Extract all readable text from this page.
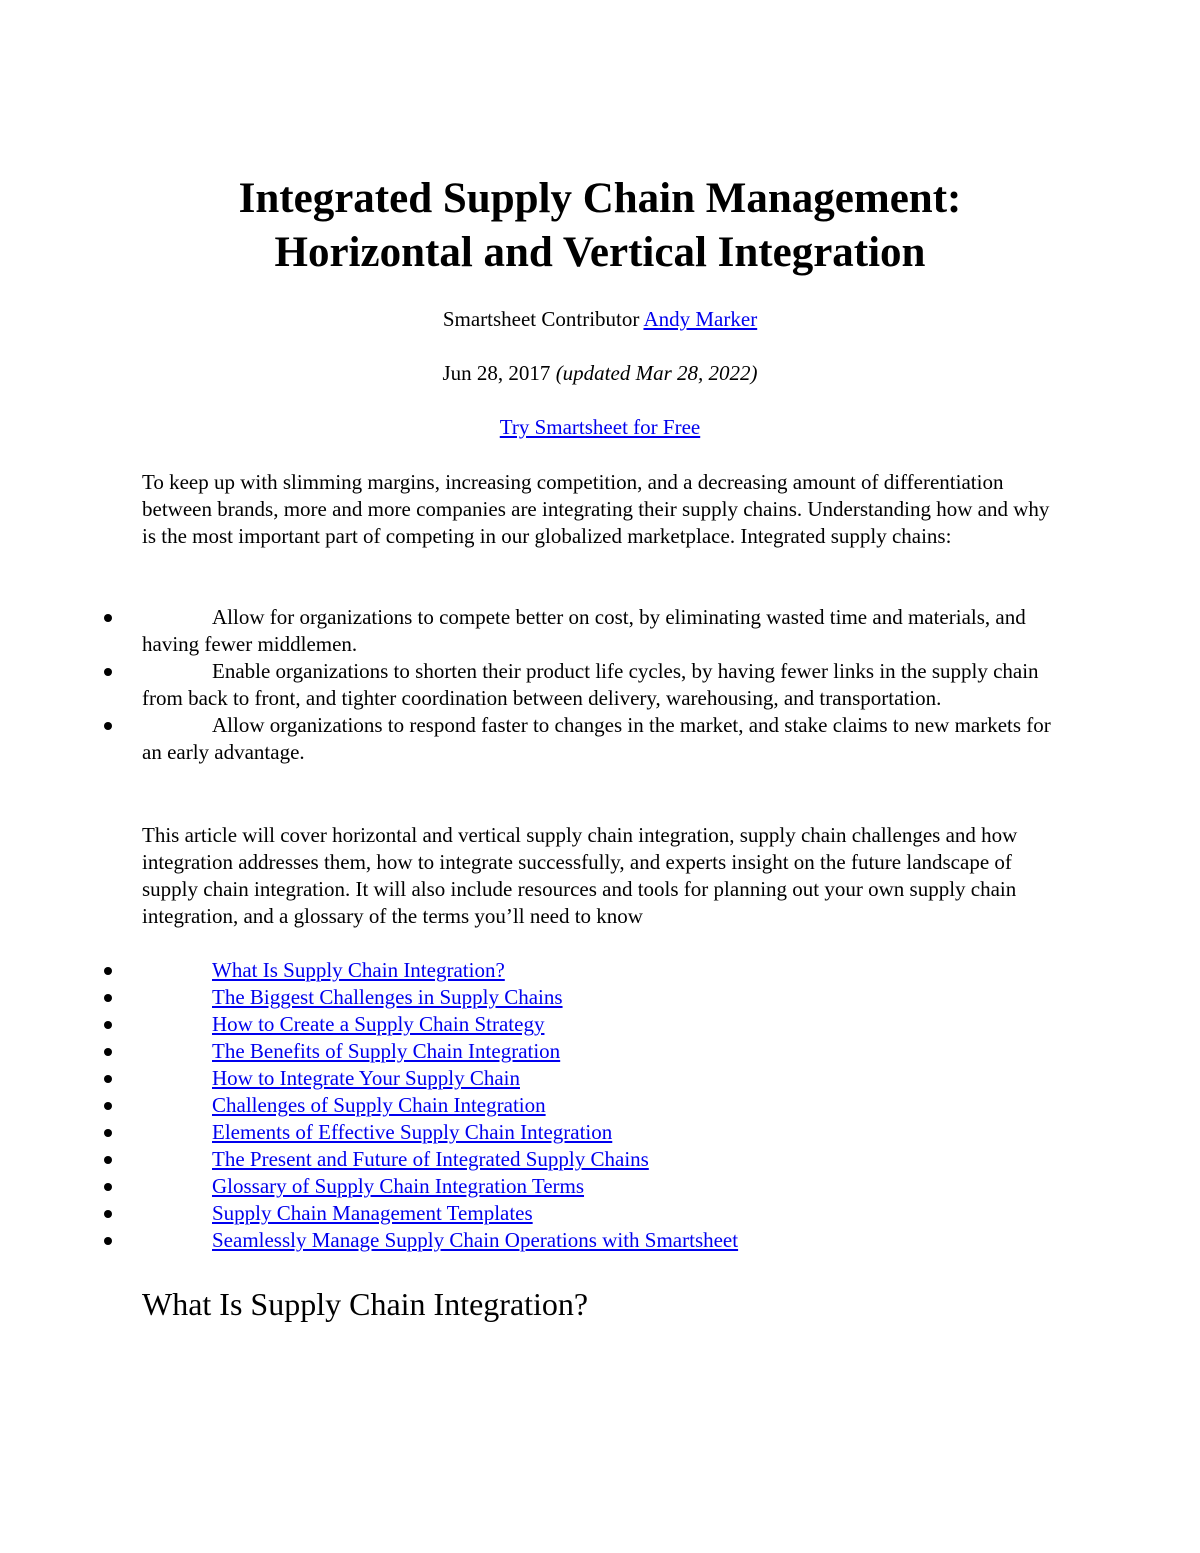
Integrated Supply Chain Management:
Horizontal and Vertical Integration

Smartsheet Contributor Andy Marker

Jun 28, 2017 (updated Mar 28, 2022)

Try Smartsheet for Free

To keep up with slimming margins, increasing competition, and a decreasing amount of differentiation between brands, more and more companies are integrating their supply chains. Understanding how and why is the most important part of competing in our globalized marketplace. Integrated supply chains:

Allow for organizations to compete better on cost, by eliminating wasted time and materials, and having fewer middlemen.
Enable organizations to shorten their product life cycles, by having fewer links in the supply chain from back to front, and tighter coordination between delivery, warehousing, and transportation.
Allow organizations to respond faster to changes in the market, and stake claims to new markets for an early advantage.

This article will cover horizontal and vertical supply chain integration, supply chain challenges and how integration addresses them, how to integrate successfully, and experts insight on the future landscape of supply chain integration. It will also include resources and tools for planning out your own supply chain integration, and a glossary of the terms you’ll need to know

What Is Supply Chain Integration?
The Biggest Challenges in Supply Chains
How to Create a Supply Chain Strategy
The Benefits of Supply Chain Integration
How to Integrate Your Supply Chain
Challenges of Supply Chain Integration
Elements of Effective Supply Chain Integration
The Present and Future of Integrated Supply Chains
Glossary of Supply Chain Integration Terms
Supply Chain Management Templates
Seamlessly Manage Supply Chain Operations with Smartsheet
What Is Supply Chain Integration?
